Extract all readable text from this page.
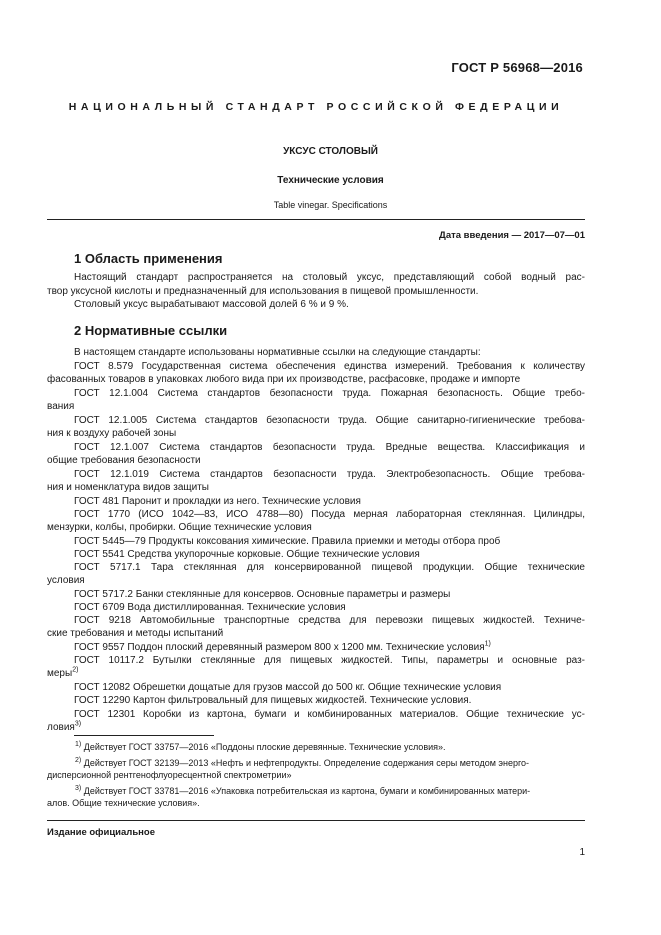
ГОСТ Р 56968—2016
НАЦИОНАЛЬНЫЙ СТАНДАРТ РОССИЙСКОЙ ФЕДЕРАЦИИ
УКСУС СТОЛОВЫЙ
Технические условия
Table vinegar. Specifications
Дата введения — 2017—07—01
1 Область применения
Настоящий стандарт распространяется на столовый уксус, представляющий собой водный рас-
твор уксусной кислоты и предназначенный для использования в пищевой промышленности.
Столовый уксус вырабатывают массовой долей 6 % и 9 %.
2 Нормативные ссылки
В настоящем стандарте использованы нормативные ссылки на следующие стандарты:
ГОСТ 8.579 Государственная система обеспечения единства измерений. Требования к количеству
фасованных товаров в упаковках любого вида при их производстве, расфасовке, продаже и импорте
ГОСТ 12.1.004 Система стандартов безопасности труда. Пожарная безопасность. Общие требо-
вания
ГОСТ 12.1.005 Система стандартов безопасности труда. Общие санитарно-гигиенические требова-
ния к воздуху рабочей зоны
ГОСТ 12.1.007 Система стандартов безопасности труда. Вредные вещества. Классификация и
общие требования безопасности
ГОСТ 12.1.019 Система стандартов безопасности труда. Электробезопасность. Общие требова-
ния и номенклатура видов защиты
ГОСТ 481 Паронит и прокладки из него. Технические условия
ГОСТ 1770 (ИСО 1042—83, ИСО 4788—80) Посуда мерная лабораторная стеклянная. Цилиндры,
мензурки, колбы, пробирки. Общие технические условия
ГОСТ 5445—79 Продукты коксования химические. Правила приемки и методы отбора проб
ГОСТ 5541 Средства укупорочные корковые. Общие технические условия
ГОСТ 5717.1 Тара стеклянная для консервированной пищевой продукции. Общие технические
условия
ГОСТ 5717.2 Банки стеклянные для консервов. Основные параметры и размеры
ГОСТ 6709 Вода дистиллированная. Технические условия
ГОСТ 9218 Автомобильные транспортные средства для перевозки пищевых жидкостей. Техниче-
ские требования и методы испытаний
ГОСТ 9557 Поддон плоский деревянный размером 800 х 1200 мм. Технические условия$^{1)}$
ГОСТ 10117.2 Бутылки стеклянные для пищевых жидкостей. Типы, параметры и основные раз-
меры$^{2)}$
ГОСТ 12082 Обрешетки дощатые для грузов массой до 500 кг. Общие технические условия
ГОСТ 12290 Картон фильтровальный для пищевых жидкостей. Технические условия.
ГОСТ 12301 Коробки из картона, бумаги и комбинированных материалов. Общие технические ус-
ловия$^{3)}$
$^{1)}$ Действует ГОСТ 33757—2016 «Поддоны плоские деревянные. Технические условия».
$^{2)}$ Действует ГОСТ 32139—2013 «Нефть и нефтепродукты. Определение содержания серы методом энерго-
дисперсионной рентгенофлуоресцентной спектрометрии»
$^{3)}$ Действует ГОСТ 33781—2016 «Упаковка потребительская из картона, бумаги и комбинированных матери-
алов. Общие технические условия».
Издание официальное
1
